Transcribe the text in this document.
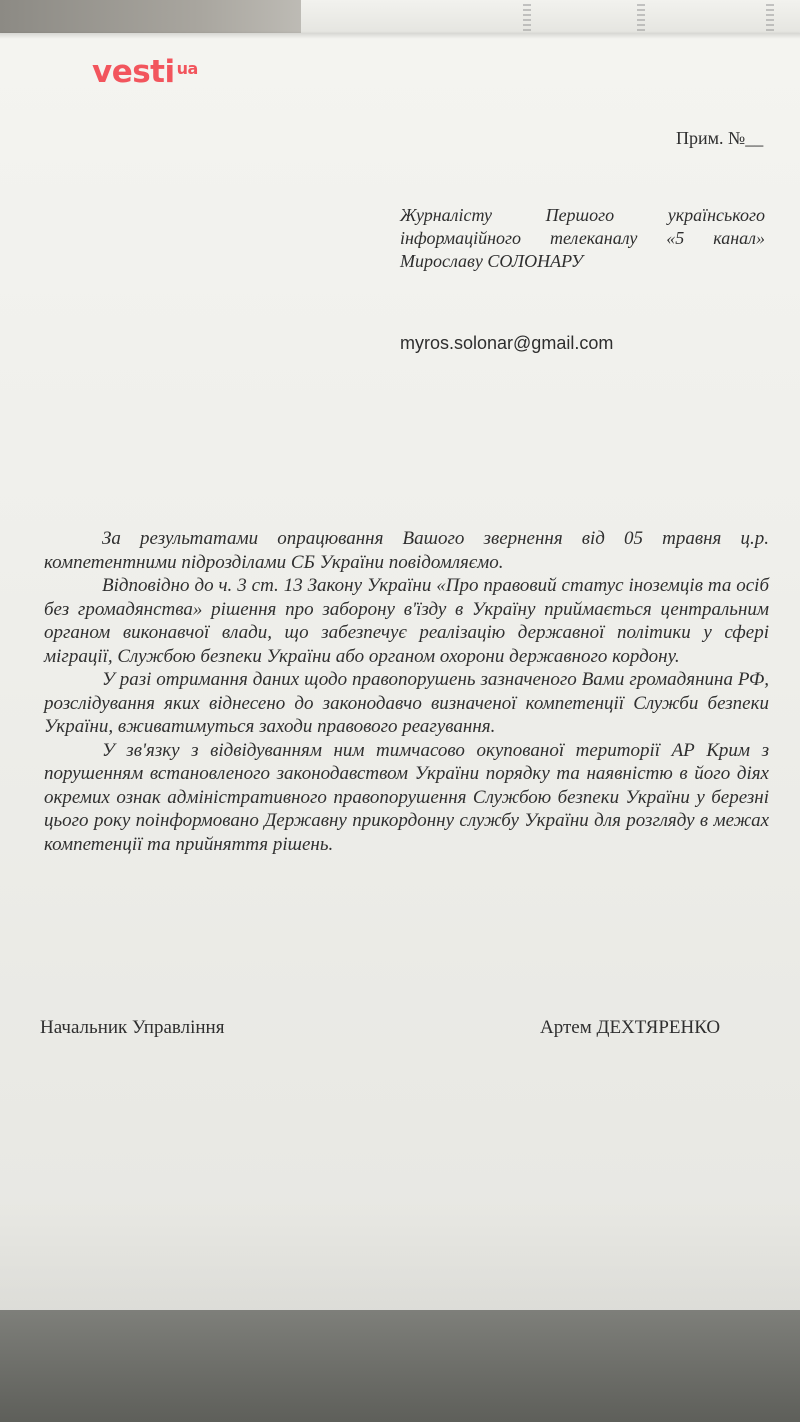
vesti ua
Прим. №__
Журналісту Першого українського
інформаційного телеканалу «5 канал»
Мирославу СОЛОНАРУ
myros.solonar@gmail.com

За результатами опрацювання Вашого звернення від 05 травня ц.р. компетентними підрозділами СБ України повідомляємо.

Відповідно до ч. 3 ст. 13 Закону України «Про правовий статус іноземців та осіб без громадянства» рішення про заборону в'їзду в Україну приймається центральним органом виконавчої влади, що забезпечує реалізацію державної політики у сфері міграції, Службою безпеки України або органом охорони державного кордону.

У разі отримання даних щодо правопорушень зазначеного Вами громадянина РФ, розслідування яких віднесено до законодавчо визначеної компетенції Служби безпеки України, вживатимуться заходи правового реагування.

У зв'язку з відвідуванням ним тимчасово окупованої території АР Крим з порушенням встановленого законодавством України порядку та наявністю в його діях окремих ознак адміністративного правопорушення Службою безпеки України у березні цього року поінформовано Державну прикордонну службу України для розгляду в межах компетенції та прийняття рішень.

Начальник Управління	Артем ДЕХТЯРЕНКО
